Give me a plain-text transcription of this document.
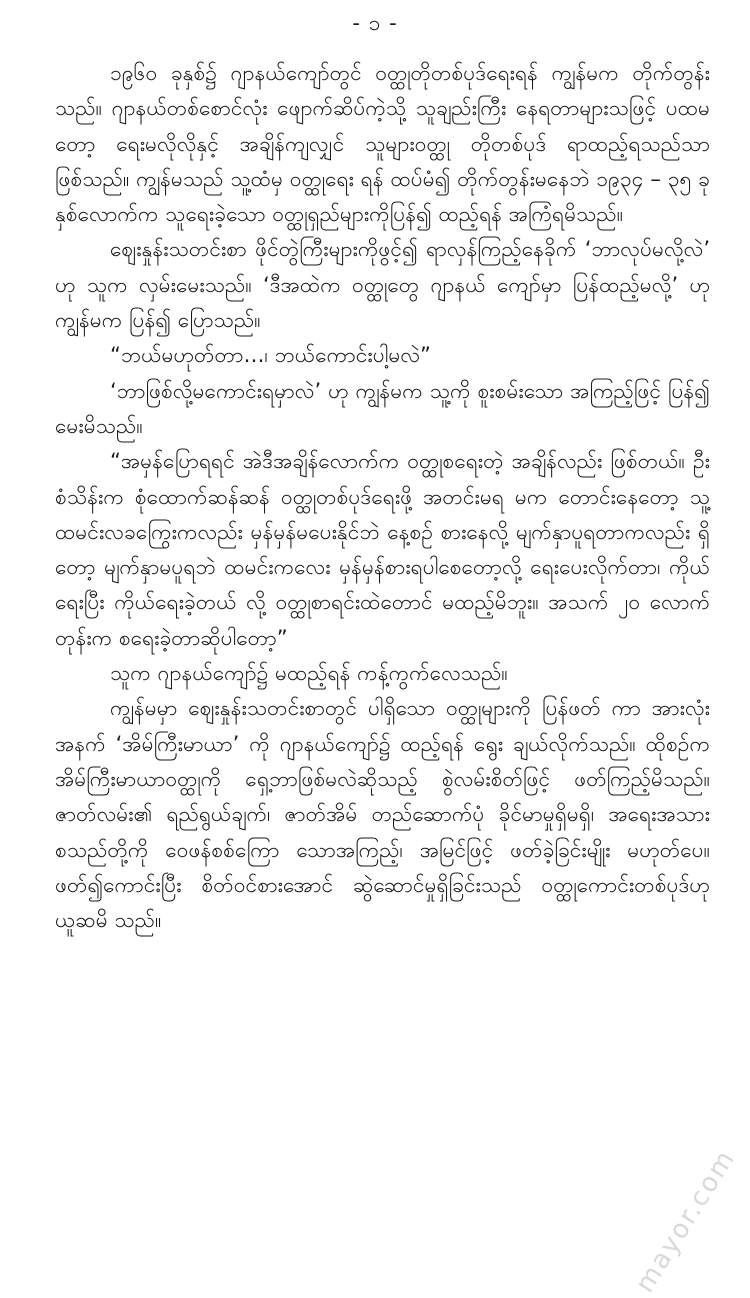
- ၁ -

၁၉၆၀ ခုနှစ်၌ ဂျာနယ်ကျော်တွင် ဝတ္ထုတိုတစ်ပုဒ်ရေးရန် ကျွန်မက တိုက်တွန်းသည်။ ဂျာနယ်တစ်စောင်လုံး ဖျောက်ဆိပ်ကဲ့သို့ သူချည်းကြီး နေရတာများသဖြင့် ပထမတော့ ရေးမလိုလိုနှင့် အချိန်ကျလျှင် သူများဝတ္ထု တိုတစ်ပုဒ် ရာထည့်ရသည်သာ ဖြစ်သည်။ ကျွန်မသည် သူ့ထံမှ ဝတ္ထုရေး ရန် ထပ်မံ၍ တိုက်တွန်းမနေဘဲ ၁၉၃၄ – ၃၅ ခုနှစ်လောက်က သူရေးခဲ့သော ဝတ္ထုရှည်များကိုပြန်၍ ထည့်ရန် အကြံရမိသည်။

ဈေးနှုန်းသတင်းစာ ဖိုင်တွဲကြီးများကိုဖွင့်၍ ရာလှန်ကြည့်နေခိုက် ‘ဘာလုပ်မလို့လဲ’ ဟု သူက လှမ်းမေးသည်။ ‘ဒီအထဲက ဝတ္ထုတွေ ဂျာနယ် ကျော်မှာ ပြန်ထည့်မလို့’ ဟု ကျွန်မက ပြန်၍ ပြောသည်။

“ဘယ်မဟုတ်တာ…၊ ဘယ်ကောင်းပါ့မလဲ”

‘ဘာဖြစ်လို့မကောင်းရမှာလဲ’ ဟု ကျွန်မက သူ့ကို စူးစမ်းသော အကြည့်ဖြင့် ပြန်၍ မေးမိသည်။

“အမှန်ပြောရရင် အဲဒီအချိန်လောက်က ဝတ္ထုစရေးတဲ့ အချိန်လည်း ဖြစ်တယ်။ ဦးစံသိန်းက စုံထောက်ဆန်ဆန် ဝတ္ထုတစ်ပုဒ်ရေးဖို့ အတင်းမရ မက တောင်းနေတော့ သူ့ထမင်းလခကြွေးကလည်း မှန်မှန်မပေးနိုင်ဘဲ နေ့စဉ် စားနေလို့ မျက်နှာပူရတာကလည်း ရှိတော့ မျက်နှာမပူရဘဲ ထမင်းကလေး မှန်မှန်စားရပါစေတော့လို့ ရေးပေးလိုက်တာ၊ ကိုယ်ရေးပြီး ကိုယ်ရေးခဲ့တယ် လို့ ဝတ္ထုစာရင်းထဲတောင် မထည့်မိဘူး။ အသက် ၂၀ လောက်တုန်းက စရေးခဲ့တာဆိုပါတော့”

သူက ဂျာနယ်ကျော်၌ မထည့်ရန် ကန့်ကွက်လေသည်။

ကျွန်မမှာ ဈေးနှုန်းသတင်းစာတွင် ပါရှိသော ဝတ္ထုများကို ပြန်ဖတ် ကာ အားလုံးအနက် ‘အိမ်ကြီးမာယာ’ ကို ဂျာနယ်ကျော်၌ ထည့်ရန် ရွေး ချယ်လိုက်သည်။ ထိုစဉ်က အိမ်ကြီးမာယာဝတ္ထုကို ရှေ့ဘာဖြစ်မလဲဆိုသည့် စွဲလမ်းစိတ်ဖြင့် ဖတ်ကြည့်မိသည်။ ဇာတ်လမ်း၏ ရည်ရွယ်ချက်၊ ဇာတ်အိမ် တည်ဆောက်ပုံ ခိုင်မာမှုရှိမရှိ၊ အရေးအသား စသည်တို့ကို ဝေဖန်စစ်ကြော သောအကြည့်၊ အမြင်ဖြင့် ဖတ်ခဲ့ခြင်းမျိုး မဟုတ်ပေ။ ဖတ်၍ကောင်းပြီး စိတ်ဝင်စားအောင် ဆွဲဆောင်မှုရှိခြင်းသည် ဝတ္ထုကောင်းတစ်ပုဒ်ဟု ယူဆမိ သည်။

mayor.com
